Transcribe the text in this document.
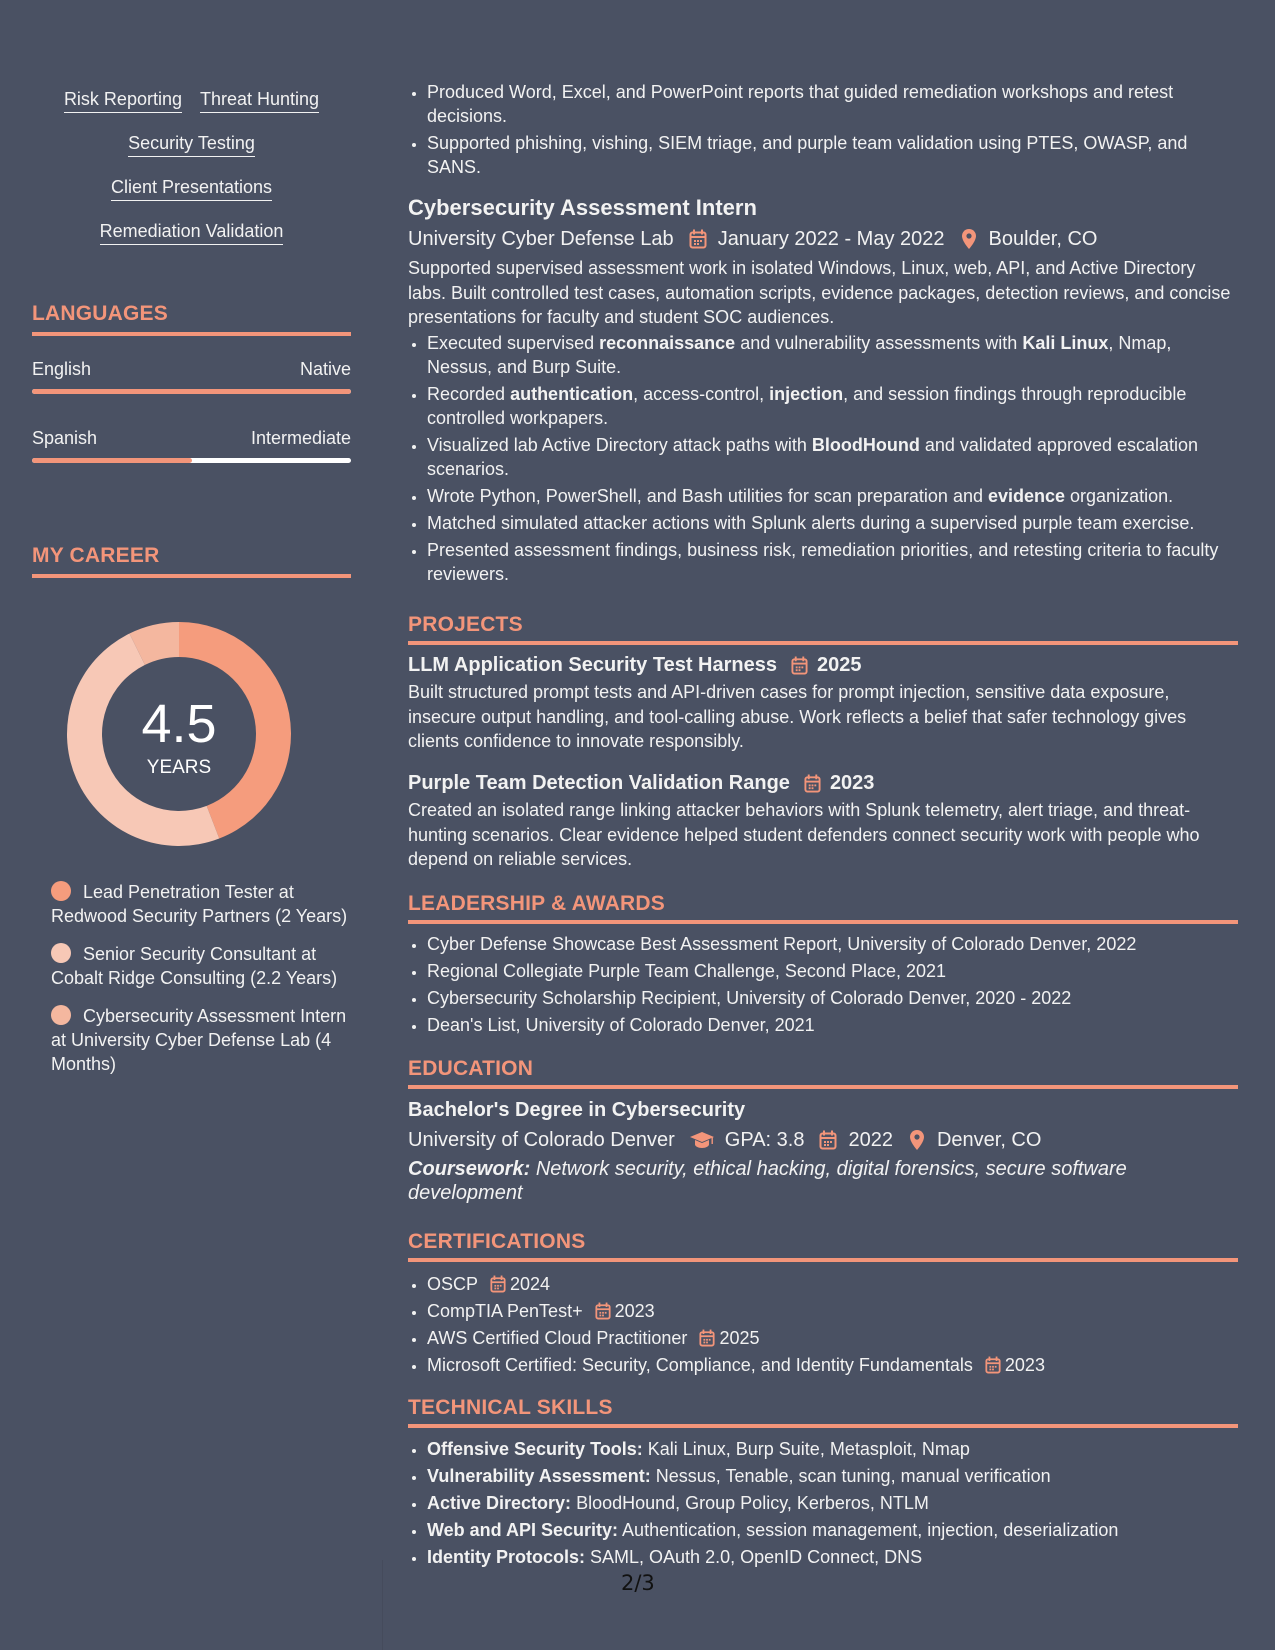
Risk Reporting Threat Hunting
Security Testing
Client Presentations
Remediation Validation
LANGUAGES
English	Native
Spanish	Intermediate
MY CAREER
4.5
YEARS
Lead Penetration Tester at Redwood Security Partners (2 Years)
Senior Security Consultant at Cobalt Ridge Consulting (2.2 Years)
Cybersecurity Assessment Intern at University Cyber Defense Lab (4 Months)
• Produced Word, Excel, and PowerPoint reports that guided remediation workshops and retest decisions.
• Supported phishing, vishing, SIEM triage, and purple team validation using PTES, OWASP, and SANS.
Cybersecurity Assessment Intern
University Cyber Defense Lab January 2022 - May 2022 Boulder, CO
Supported supervised assessment work in isolated Windows, Linux, web, API, and Active Directory labs. Built controlled test cases, automation scripts, evidence packages, detection reviews, and concise presentations for faculty and student SOC audiences.
• Executed supervised reconnaissance and vulnerability assessments with Kali Linux, Nmap, Nessus, and Burp Suite.
• Recorded authentication, access-control, injection, and session findings through reproducible controlled workpapers.
• Visualized lab Active Directory attack paths with BloodHound and validated approved escalation scenarios.
• Wrote Python, PowerShell, and Bash utilities for scan preparation and evidence organization.
• Matched simulated attacker actions with Splunk alerts during a supervised purple team exercise.
• Presented assessment findings, business risk, remediation priorities, and retesting criteria to faculty reviewers.
PROJECTS
LLM Application Security Test Harness 2025
Built structured prompt tests and API-driven cases for prompt injection, sensitive data exposure, insecure output handling, and tool-calling abuse. Work reflects a belief that safer technology gives clients confidence to innovate responsibly.
Purple Team Detection Validation Range 2023
Created an isolated range linking attacker behaviors with Splunk telemetry, alert triage, and threat-hunting scenarios. Clear evidence helped student defenders connect security work with people who depend on reliable services.
LEADERSHIP & AWARDS
• Cyber Defense Showcase Best Assessment Report, University of Colorado Denver, 2022
• Regional Collegiate Purple Team Challenge, Second Place, 2021
• Cybersecurity Scholarship Recipient, University of Colorado Denver, 2020 - 2022
• Dean's List, University of Colorado Denver, 2021
EDUCATION
Bachelor's Degree in Cybersecurity
University of Colorado Denver	GPA: 3.8 2022 Denver, CO
Coursework: Network security, ethical hacking, digital forensics, secure software development
CERTIFICATIONS
• OSCP 2024
• CompTIA PenTest+ 2023
• AWS Certified Cloud Practitioner 2025
• Microsoft Certified: Security, Compliance, and Identity Fundamentals 2023
TECHNICAL SKILLS
• Offensive Security Tools: Kali Linux, Burp Suite, Metasploit, Nmap
• Vulnerability Assessment: Nessus, Tenable, scan tuning, manual verification
• Active Directory: BloodHound, Group Policy, Kerberos, NTLM
• Web and API Security: Authentication, session management, injection, deserialization
• Identity Protocols: SAML, OAuth 2.0, OpenID Connect, DNS
2/3
